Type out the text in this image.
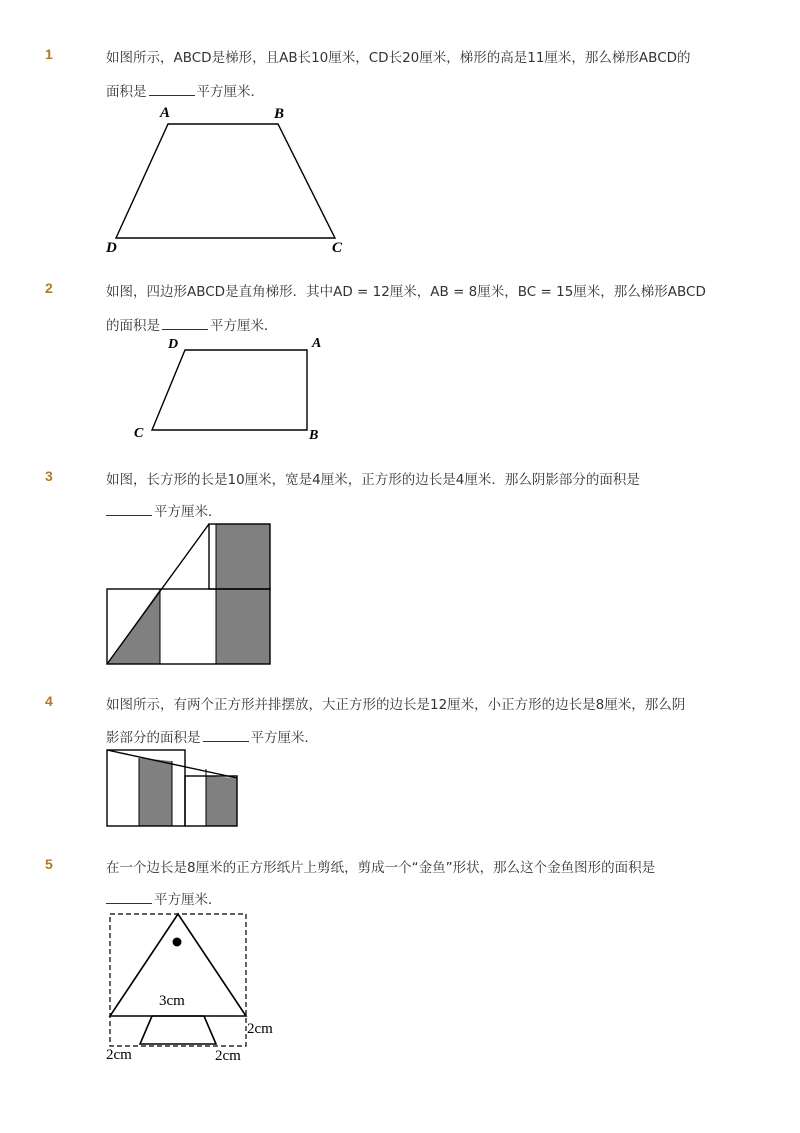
1	如图所示，ABCD是梯形，且AB长10厘米，CD长20厘米，梯形的高是11厘米，那么梯形ABCD的
面积是	平方厘米．
A	B
C
D
2	如图，四边形ABCD是直角梯形．其中AD = 12厘米，AB = 8厘米，BC = 15厘米，那么梯形ABCD
的面积是	平方厘米．
D	A
B
C
3	如图，长方形的长是10厘米，宽是4厘米，正方形的边长是4厘米．那么阴影部分的面积是
平方厘米．
4	如图所示，有两个正方形并排摆放，大正方形的边长是12厘米，小正方形的边长是8厘米，那么阴
影部分的面积是	平方厘米．
5	在一个边长是8厘米的正方形纸片上剪纸，剪成一个“金鱼”形状，那么这个金鱼图形的面积是
平方厘米．
3cm
2cm
2cm	2cm
